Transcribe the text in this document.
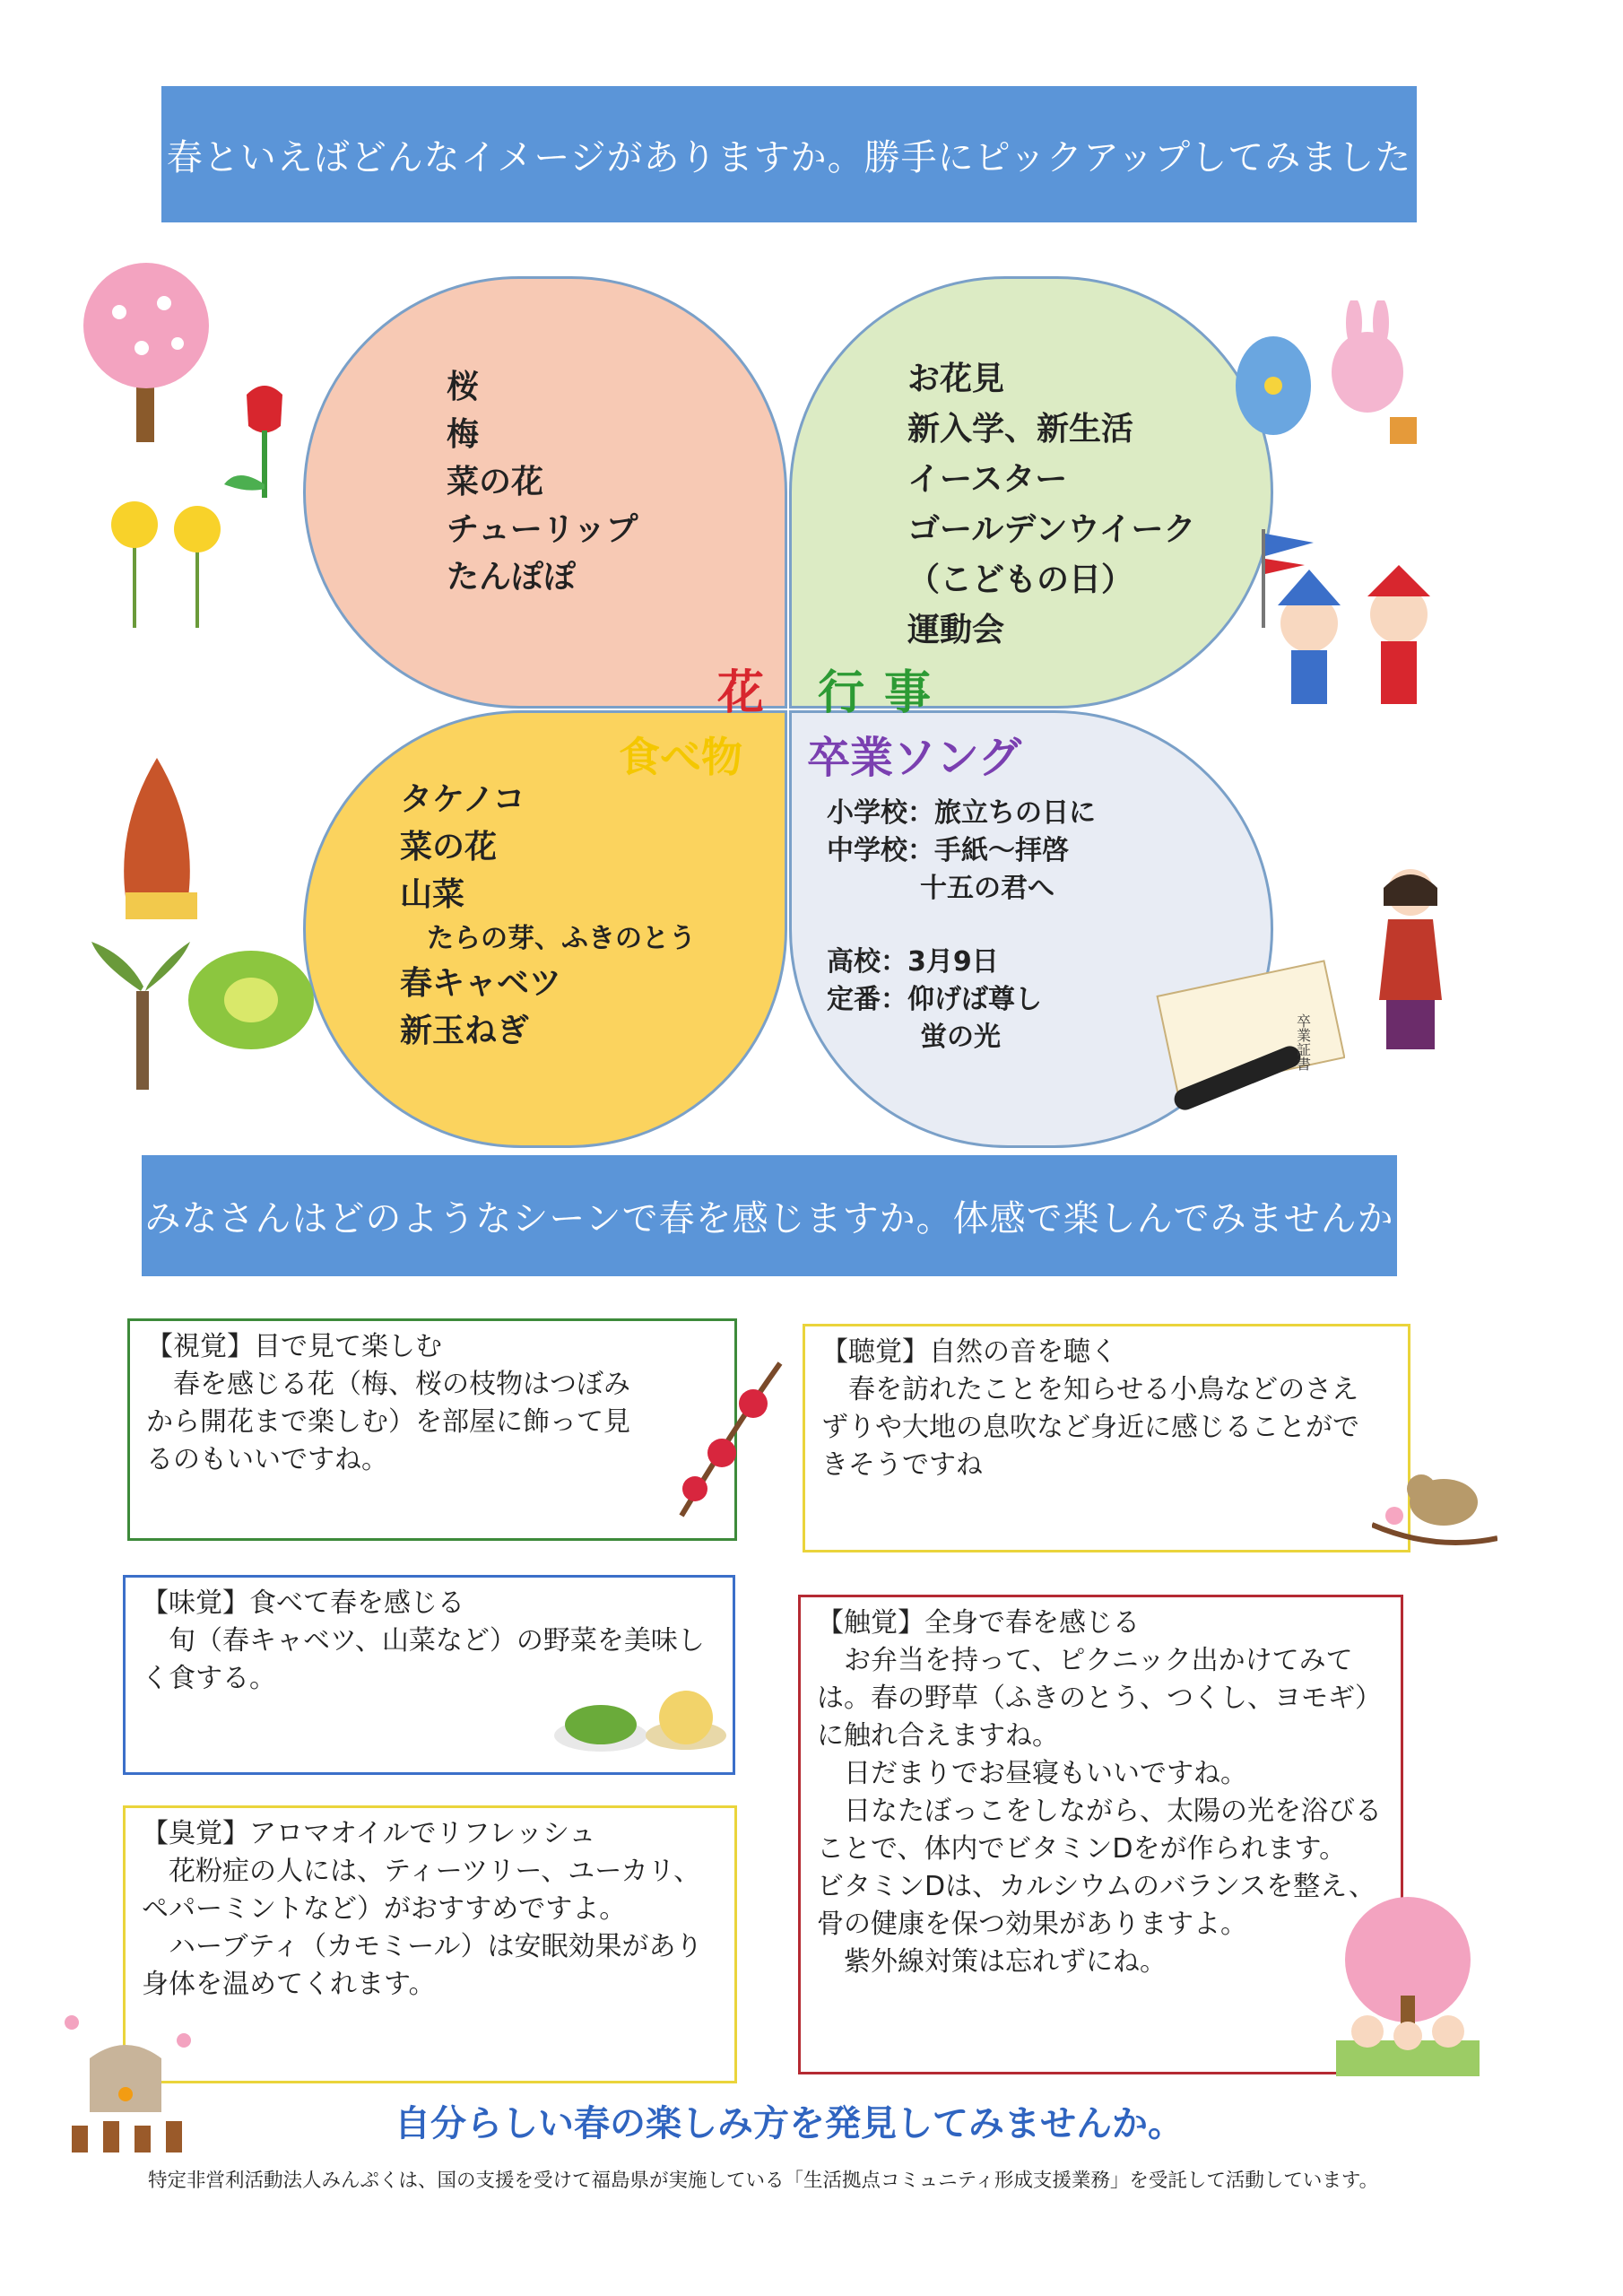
春といえばどんなイメージがありますか。勝手にピックアップしてみました
桜
梅
菜の花
チューリップ
たんぽぽ
お花見
新入学、新生活
イースター
ゴールデンウイーク
（こどもの日）
運動会
タケノコ
菜の花
山菜
たらの芽、ふきのとう
春キャベツ
新玉ねぎ
小学校：旅立ちの日に
中学校：手紙〜拝啓
十五の君へ
高校：3月9日
定番：仰げば尊し
蛍の光
花 行事
食べ物 卒業ソング
卒業証書
みなさんはどのようなシーンで春を感じますか。体感で楽しんでみませんか
【視覚】目で見て楽しむ

春を感じる花（梅、桜の枝物はつぼみから開花まで楽しむ）を部屋に飾って見るのもいいですね。

【聴覚】自然の音を聴く

春を訪れたことを知らせる小鳥などのさえずりや大地の息吹など身近に感じることができそうですね

【味覚】食べて春を感じる

旬（春キャベツ、山菜など）の野菜を美味しく食する。

【触覚】全身で春を感じる

お弁当を持って、ピクニック出かけてみては。春の野草（ふきのとう、つくし、ヨモギ）に触れ合えますね。

日だまりでお昼寝もいいですね。

日なたぼっこをしながら、太陽の光を浴びることで、体内でビタミンDをが作られます。

ビタミンDは、カルシウムのバランスを整え、骨の健康を保つ効果がありますよ。

紫外線対策は忘れずにね。

【臭覚】アロマオイルでリフレッシュ

花粉症の人には、ティーツリー、ユーカリ、ペパーミントなど）がおすすめですよ。

ハーブティ（カモミール）は安眠効果があり身体を温めてくれます。

自分らしい春の楽しみ方を発見してみませんか。
特定非営利活動法人みんぷくは、国の支援を受けて福島県が実施している「生活拠点コミュニティ形成支援業務」を受託して活動しています。
